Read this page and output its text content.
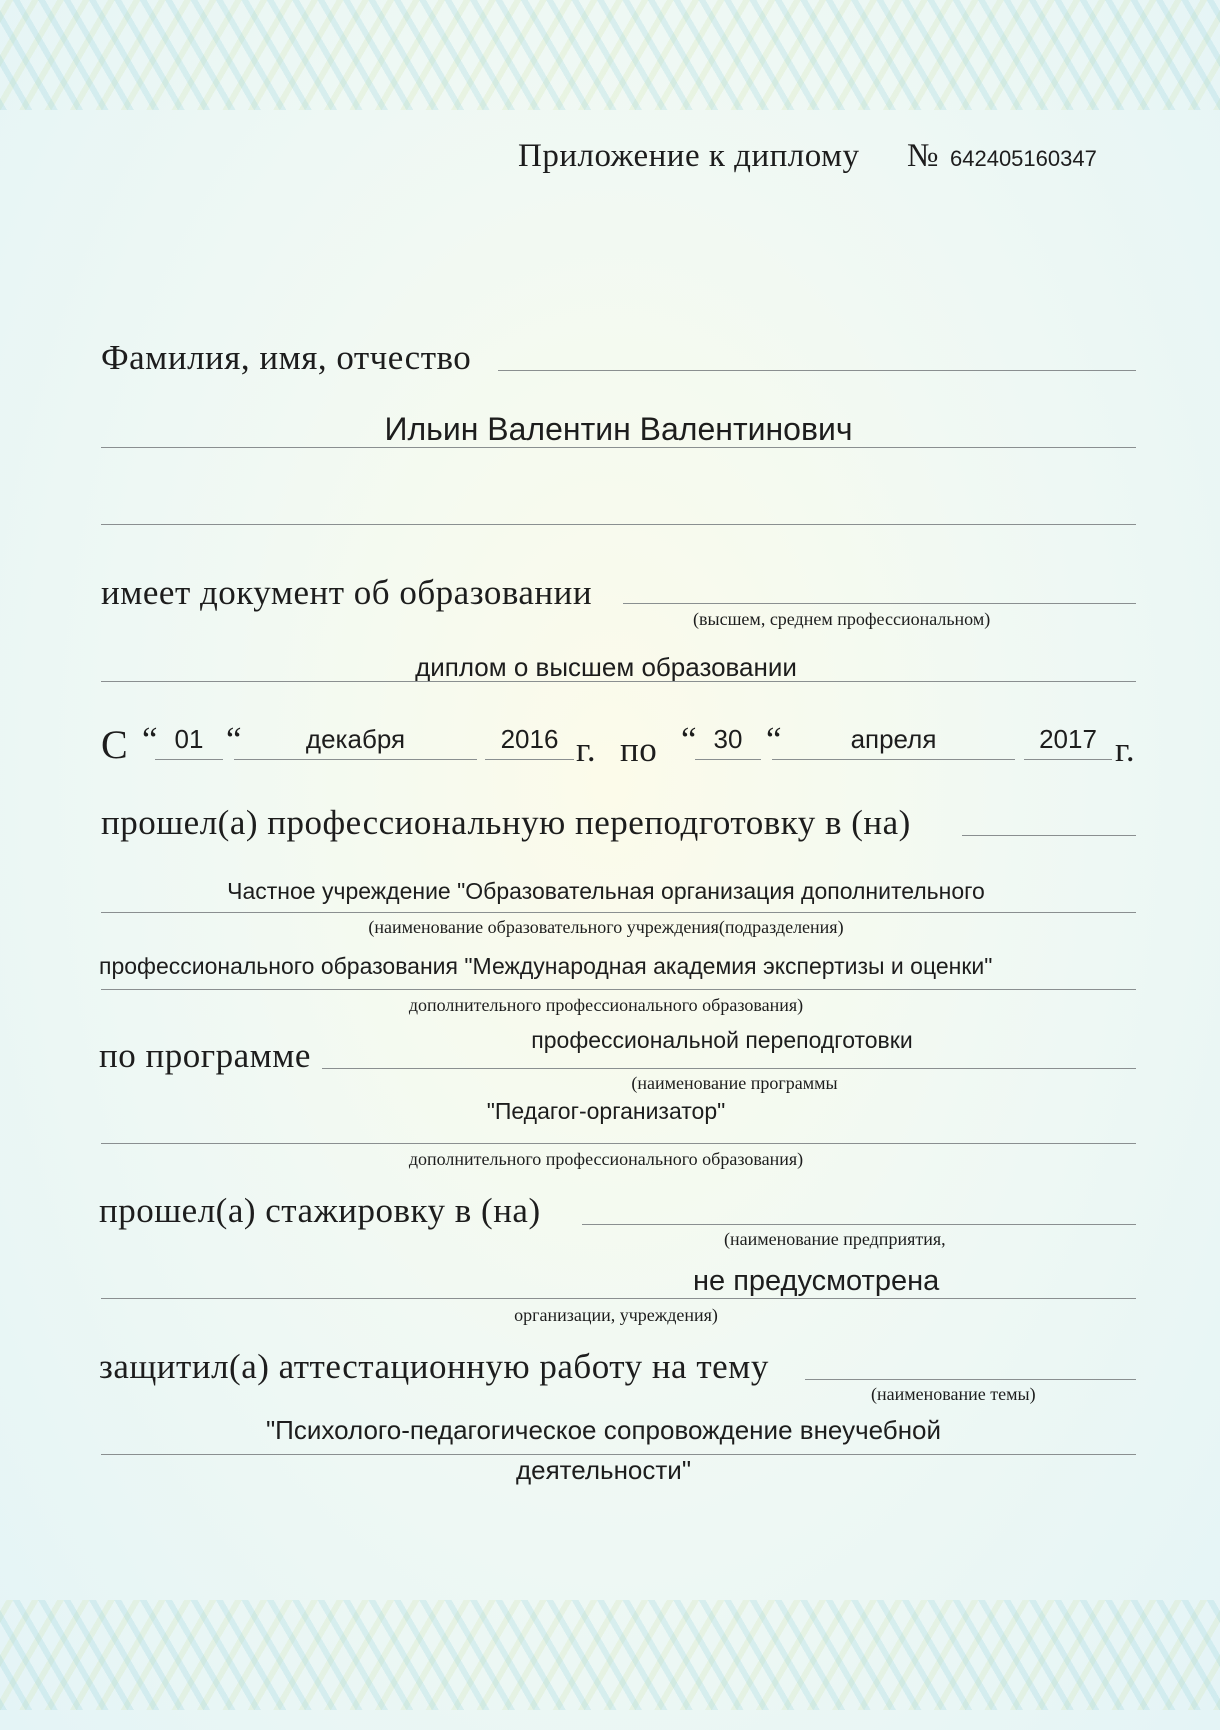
Приложение к диплому № 642405160347
Фамилия, имя, отчество
Ильин Валентин Валентинович
имеет документ об образовании
(высшем, среднем профессиональном)
диплом о высшем образовании
С “ 01 “	декабря	2016 г. по “ 30 “	апреля	2017 г.
прошел(а) профессиональную переподготовку в (на)
Частное учреждение "Образовательная организация дополнительного
(наименование образовательного учреждения(подразделения)
профессионального образования "Международная академия экспертизы и оценки"
дополнительного профессионального образования)
по программе	профессиональной переподготовки
(наименование программы
"Педагог-организатор"
дополнительного профессионального образования)
прошел(а) стажировку в (на)
(наименование предприятия,
не предусмотрена
организации, учреждения)
защитил(а) аттестационную работу на тему
(наименование темы)
"Психолого-педагогическое сопровождение внеучебной
деятельности"
